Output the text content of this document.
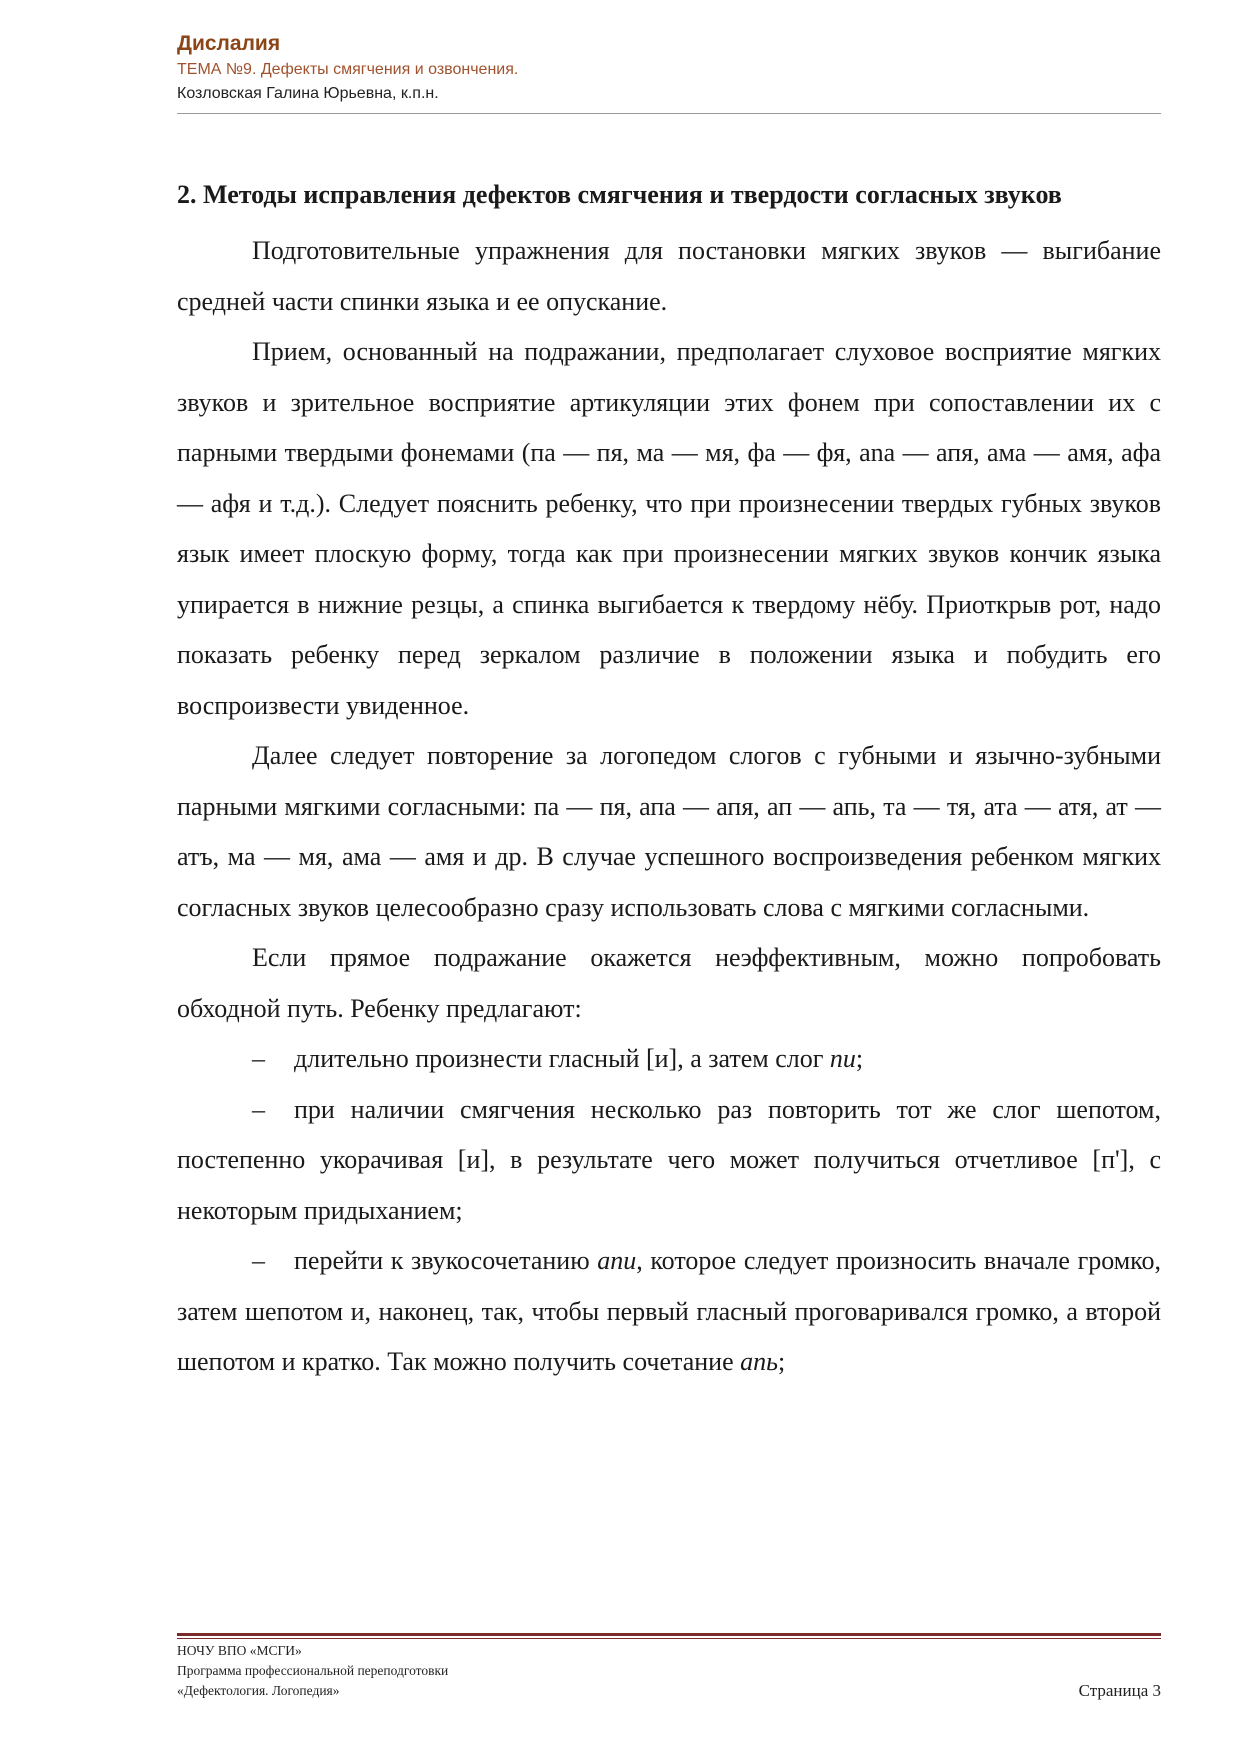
Дислалия
ТЕМА №9. Дефекты смягчения и озвончения.
Козловская Галина Юрьевна, к.п.н.
2. Методы исправления дефектов смягчения и твердости согласных звуков

Подготовительные упражнения для постановки мягких звуков — выгибание средней части спинки языка и ее опускание.

Прием, основанный на подражании, предполагает слуховое восприятие мягких звуков и зрительное восприятие артикуляции этих фонем при сопоставлении их с парными твердыми фонемами (па — пя, ма — мя, фа — фя, ana — апя, ама — амя, афа — афя и т.д.). Следует пояснить ребенку, что при произнесении твердых губных звуков язык имеет плоскую форму, тогда как при произнесении мягких звуков кончик языка упирается в нижние резцы, а спинка выгибается к твердому нёбу. Приоткрыв рот, надо показать ребенку перед зеркалом различие в положении языка и побудить его воспроизвести увиденное.

Далее следует повторение за логопедом слогов с губными и язычно-зубными парными мягкими согласными: па — пя, апа — апя, ап — апь, та — тя, ата — атя, ат — атъ, ма — мя, ама — амя и др. В случае успешного воспроизведения ребенком мягких согласных звуков целесообразно сразу использовать слова с мягкими согласными.

Если прямое подражание окажется неэффективным, можно попробовать обходной путь. Ребенку предлагают:

– длительно произнести гласный [и], а затем слог пи;

– при наличии смягчения несколько раз повторить тот же слог шепотом, постепенно укорачивая [и], в результате чего может получиться отчетливое [п'], с некоторым придыханием;

– перейти к звукосочетанию апи, которое следует произносить вначале громко, затем шепотом и, наконец, так, чтобы первый гласный проговаривался громко, а второй шепотом и кратко. Так можно получить сочетание апь;

НОЧУ ВПО «МСГИ»
Программа профессиональной переподготовки
«Дефектология. Логопедия»	Страница 3
